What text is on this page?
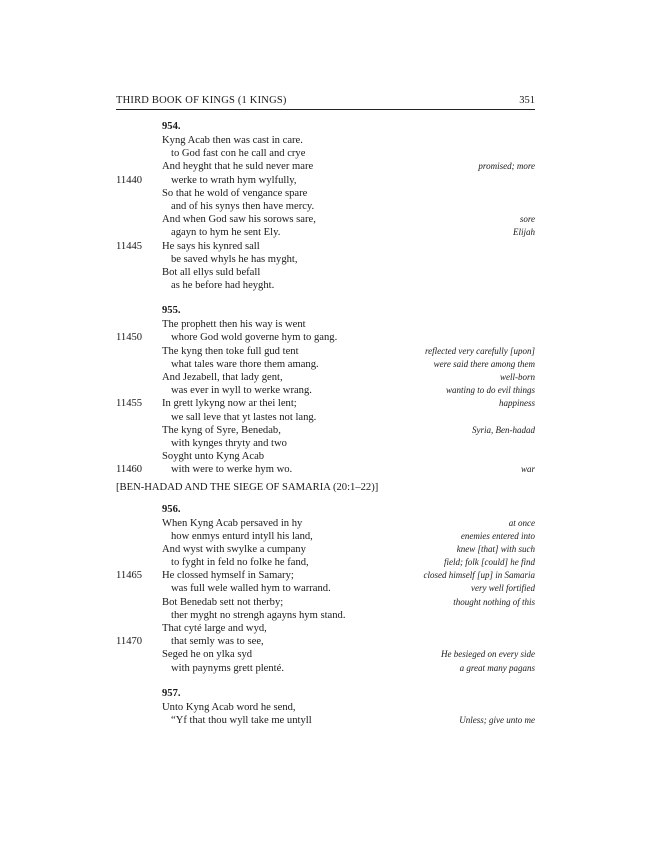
THIRD BOOK OF KINGS (1 KINGS)	351
954.
Kyng Acab then was cast in care.
to God fast con he call and crye
And heyght that he suld never mare	promised; more
11440	werke to wrath hym wylfully,
So that he wold of vengance spare
and of his synys then have mercy.
And when God saw his sorows sare,	sore
agayn to hym he sent Ely.	Elijah
11445 He says his kynred sall
be saved whyls he has myght,
Bot all ellys suld befall
as he before had heyght.
955.
The prophett then his way is went
11450	whore God wold governe hym to gang.
The kyng then toke full gud tent	reflected very carefully [upon]
what tales ware thore them amang.	were said there among them
And Jezabell, that lady gent,	well-born
was ever in wyll to werke wrang.	wanting to do evil things
11455 In grett lykyng now ar thei lent;	happiness
we sall leve that yt lastes not lang.
The kyng of Syre, Benedab,	Syria, Ben-hadad
with kynges thryty and two
Soyght unto Kyng Acab
11460	with were to werke hym wo.	war
[BEN-HADAD AND THE SIEGE OF SAMARIA (20:1–22)]
956.
When Kyng Acab persaved in hy	at once
how enmys enturd intyll his land,	enemies entered into
And wyst with swylke a cumpany	knew [that] with such
to fyght in feld no folke he fand,	field; folk [could] he find
11465 He clossed hymself in Samary;	closed himself [up] in Samaria
was full wele walled hym to warrand.	very well fortified
Bot Benedab sett not therby;	thought nothing of this
ther myght no strengh agayns hym stand.
That cyté large and wyd,
11470	that semly was to see,
Seged he on ylka syd	He besieged on every side
with paynyms grett plenté.	a great many pagans
957.
Unto Kyng Acab word he send,
“Yf that thou wyll take me untyll	Unless; give unto me
